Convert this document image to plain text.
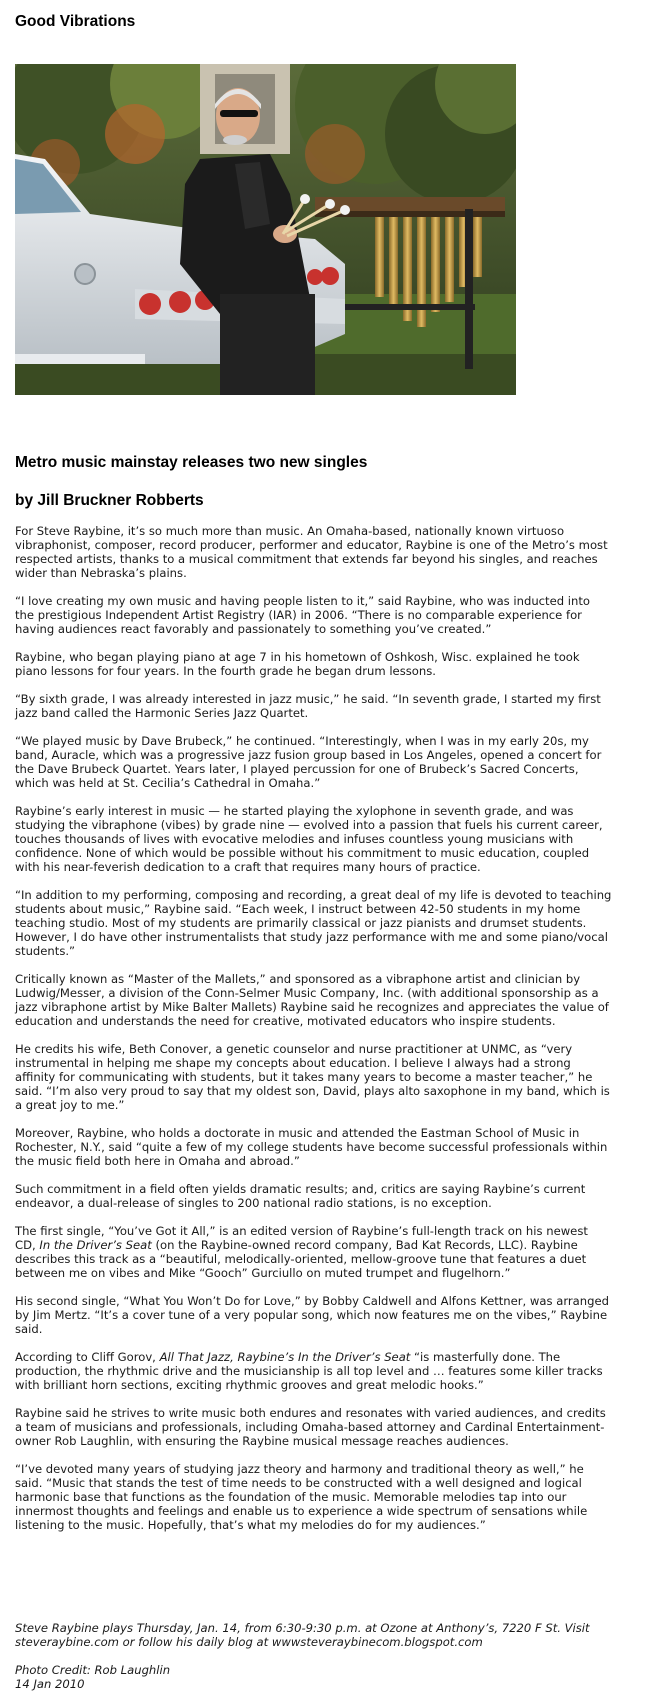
Good Vibrations
Metro music mainstay releases two new singles
by Jill Bruckner Robberts

For Steve Raybine, it’s so much more than music. An Omaha-based, nationally known virtuoso vibraphonist, composer, record producer, performer and educator, Raybine is one of the Metro’s most respected artists, thanks to a musical commitment that extends far beyond his singles, and reaches wider than Nebraska’s plains.

“I love creating my own music and having people listen to it,” said Raybine, who was inducted into the prestigious Independent Artist Registry (IAR) in 2006. “There is no comparable experience for having audiences react favorably and passionately to something you’ve created.”

Raybine, who began playing piano at age 7 in his hometown of Oshkosh, Wisc. explained he took piano lessons for four years. In the fourth grade he began drum lessons.

“By sixth grade, I was already interested in jazz music,” he said. “In seventh grade, I started my first jazz band called the Harmonic Series Jazz Quartet.

“We played music by Dave Brubeck,” he continued. “Interestingly, when I was in my early 20s, my band, Auracle, which was a progressive jazz fusion group based in Los Angeles, opened a concert for the Dave Brubeck Quartet. Years later, I played percussion for one of Brubeck’s Sacred Concerts, which was held at St. Cecilia’s Cathedral in Omaha.”

Raybine’s early interest in music — he started playing the xylophone in seventh grade, and was studying the vibraphone (vibes) by grade nine — evolved into a passion that fuels his current career, touches thousands of lives with evocative melodies and infuses countless young musicians with confidence. None of which would be possible without his commitment to music education, coupled with his near-feverish dedication to a craft that requires many hours of practice.

“In addition to my performing, composing and recording, a great deal of my life is devoted to teaching students about music,” Raybine said. “Each week, I instruct between 42-50 students in my home teaching studio. Most of my students are primarily classical or jazz pianists and drumset students. However, I do have other instrumentalists that study jazz performance with me and some piano/vocal students.”

Critically known as “Master of the Mallets,” and sponsored as a vibraphone artist and clinician by Ludwig/Messer, a division of the Conn-Selmer Music Company, Inc. (with additional sponsorship as a jazz vibraphone artist by Mike Balter Mallets) Raybine said he recognizes and appreciates the value of education and understands the need for creative, motivated educators who inspire students.

He credits his wife, Beth Conover, a genetic counselor and nurse practitioner at UNMC, as “very instrumental in helping me shape my concepts about education. I believe I always had a strong affinity for communicating with students, but it takes many years to become a master teacher,” he said. “I’m also very proud to say that my oldest son, David, plays alto saxophone in my band, which is a great joy to me.”

Moreover, Raybine, who holds a doctorate in music and attended the Eastman School of Music in Rochester, N.Y., said “quite a few of my college students have become successful professionals within the music field both here in Omaha and abroad.”

Such commitment in a field often yields dramatic results; and, critics are saying Raybine’s current endeavor, a dual-release of singles to 200 national radio stations, is no exception.

The first single, “You’ve Got it All,” is an edited version of Raybine’s full-length track on his newest CD, In the Driver’s Seat (on the Raybine-owned record company, Bad Kat Records, LLC). Raybine describes this track as a “beautiful, melodically-oriented, mellow-groove tune that features a duet between me on vibes and Mike “Gooch” Gurciullo on muted trumpet and flugelhorn.”

His second single, “What You Won’t Do for Love,” by Bobby Caldwell and Alfons Kettner, was arranged by Jim Mertz. “It’s a cover tune of a very popular song, which now features me on the vibes,” Raybine said.

According to Cliff Gorov, All That Jazz, Raybine’s In the Driver’s Seat “is masterfully done. The production, the rhythmic drive and the musicianship is all top level and … features some killer tracks with brilliant horn sections, exciting rhythmic grooves and great melodic hooks.”

Raybine said he strives to write music both endures and resonates with varied audiences, and credits a team of musicians and professionals, including Omaha-based attorney and Cardinal Entertainment-owner Rob Laughlin, with ensuring the Raybine musical message reaches audiences.

“I’ve devoted many years of studying jazz theory and harmony and traditional theory as well,” he said. “Music that stands the test of time needs to be constructed with a well designed and logical harmonic base that functions as the foundation of the music. Memorable melodies tap into our innermost thoughts and feelings and enable us to experience a wide spectrum of sensations while listening to the music. Hopefully, that’s what my melodies do for my audiences.”

Steve Raybine plays Thursday, Jan. 14, from 6:30-9:30 p.m. at Ozone at Anthony’s, 7220 F St. Visit steveraybine.com or follow his daily blog at wwwsteveraybinecom.blogspot.com

Photo Credit: Rob Laughlin

14 Jan 2010
